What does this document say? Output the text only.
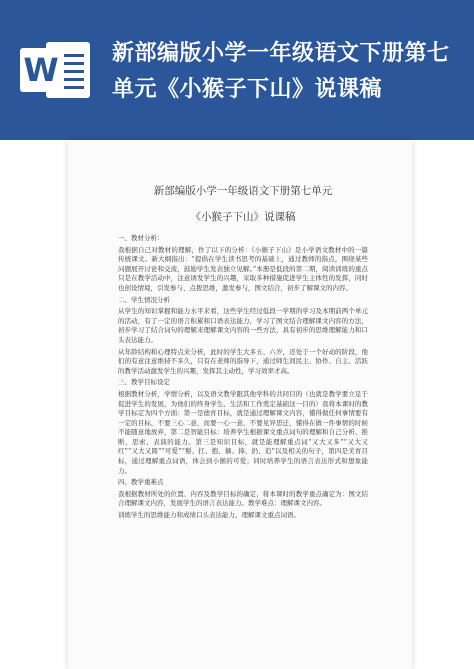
W 新部编版小学一年级语文下册第七单元《小猴子下山》说课稿
新部编版小学一年级语文下册第七单元
《小猴子下山》说课稿
一、教材分析：
我根据自己对教材的理解，作了以下的分析：《小猴子下山》是小学语文教材中的一篇传统课文。新大纲指出：“提倡在学生读书思考的基础上，通过教师的指点，围绕某些问题展开讨论和交流，鼓励学生发表独立见解。”本册是低段的第二期，阅读训练的重点只是在教学活动中，注意诱发学生的兴趣，采取多种措施促进学生主体性的发挥，同时也创设情境，引发参与、点拨思维，激发参与，图文结合，初步了解课文的内容。
二、学生情况分析
从学生的知识掌握和能力水平来看，这些学生经过低段一学期的学习及本期前两个单元的活动，有了一定的语言积累和口语表达能力，学习了图文结合理解课文内容的方法，初步学习了结合词句的理解来理解课文内容的一些方法，具有初步的思维理解能力和口头表达能力。
从年龄结构和心理特点来分析，此时的学生大多五、六岁，还处于一个好动的阶段，他们的有意注意维持不多久，只有在老师的指导下，通过师生间民主、协作、自主、活跃的教学活动激发学生的兴趣，发挥其主动性，学习效率才高。
三、教学目标设定
根据教材分析，学情分析，以及语文教学跟其他学科的共同目的（也就是教学要立足于促进学生的发展，为他们的终身学生、生活和工作奠定基础这一目的）我将本课时的教学目标定为四个方面：第一是德育目标，就是通过理解课文内容，懂得做任何事情要有一定的目标，不要三心二意，而要一心一意，不要见异思迁，懂得在做一件事情的时候不能随意地放弃，第二是智能目标：培养学生根据课文重点词句的理解和自己分析、推断、思索、表演的能力。第三是知识目标，就是能理解重点词“又大又多”“又大又红”“又大又圆”“可爱”“掰、扛、抱、摘、捧、扔、追”以及相关的句子，第四是美育目标，通过理解重点词语，体会到小猴的可爱；同时培养学生的语言表达形式和想象能力。
四、教学重难点
我根据教材所处的位置、内容及教学目标的确定，将本课时的教学重点确定为：图文结合理解课文内容，发展学生的语言表达能力。教学难点：理解课文内容。
训练学生的思维能力和成绩口头表达能力，理解课文重点词语。
